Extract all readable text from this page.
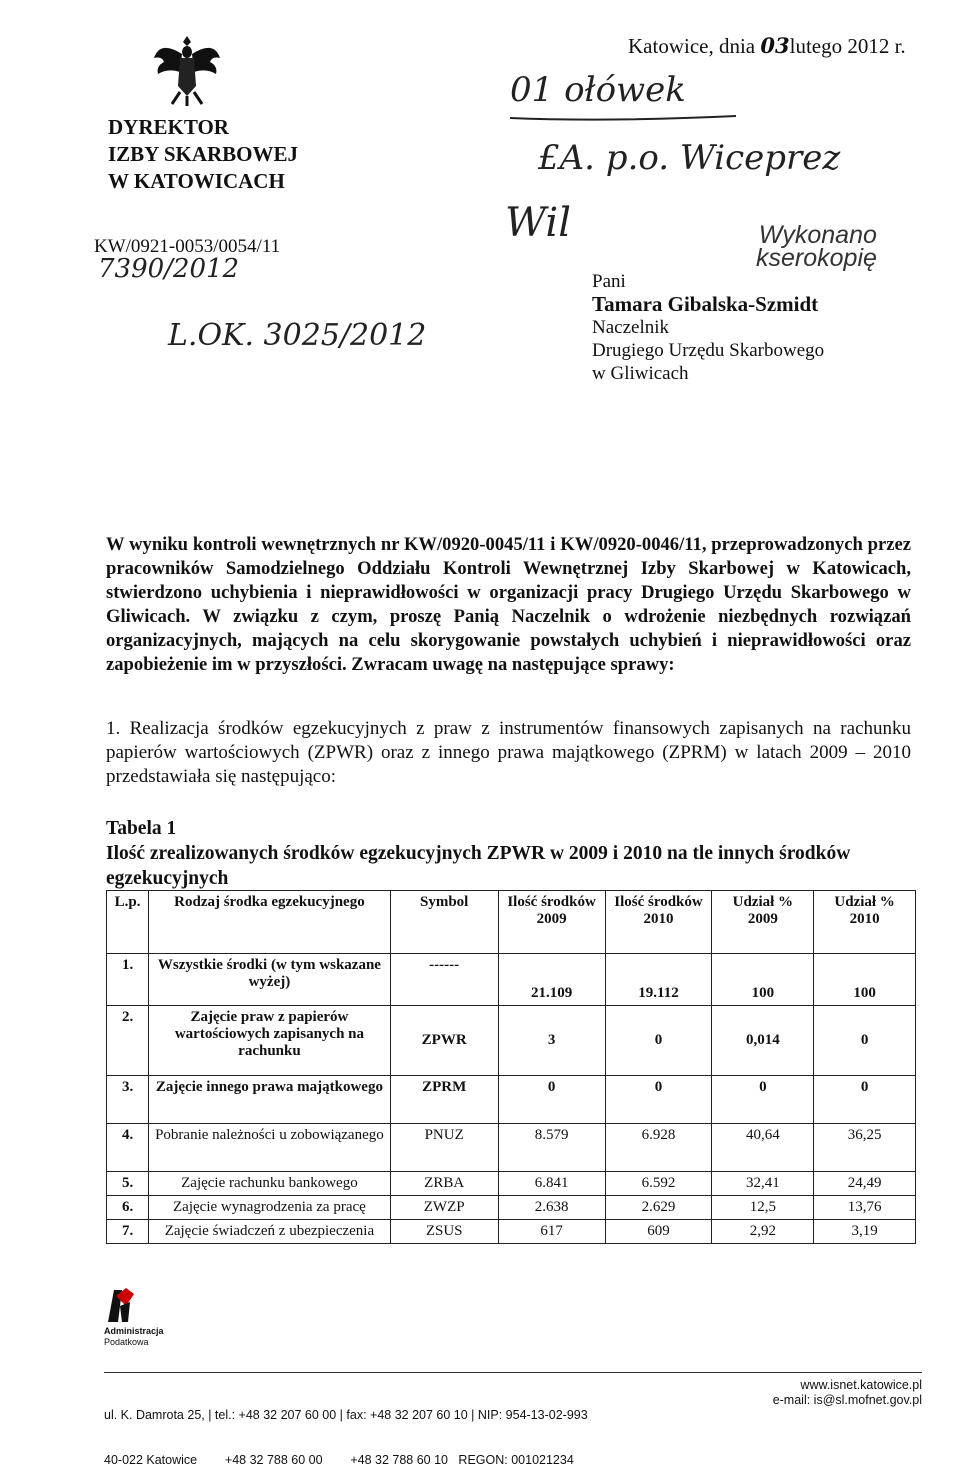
Katowice, dnia 03lutego 2012 r.
DYREKTOR
IZBY SKARBOWEJ
W KATOWICACH
KW/0921-0053/0054/11
01 ołówek
£A. p.o. Wiceprez
Wil
7390/2012
L.OK. 3025/2012
Wykonano
kserokopię
Pani
Tamara Gibalska-Szmidt
Naczelnik
Drugiego Urzędu Skarbowego
w Gliwicach
W wyniku kontroli wewnętrznych nr KW/0920-0045/11 i KW/0920-0046/11, przeprowadzonych przez pracowników Samodzielnego Oddziału Kontroli Wewnętrznej Izby Skarbowej w Katowicach, stwierdzono uchybienia i nieprawidłowości w organizacji pracy Drugiego Urzędu Skarbowego w Gliwicach. W związku z czym, proszę Panią Naczelnik o wdrożenie niezbędnych rozwiązań organizacyjnych, mających na celu skorygowanie powstałych uchybień i nieprawidłowości oraz zapobieżenie im w przyszłości. Zwracam uwagę na następujące sprawy:
1. Realizacja środków egzekucyjnych z praw z instrumentów finansowych zapisanych na rachunku papierów wartościowych (ZPWR) oraz z innego prawa majątkowego (ZPRM) w latach 2009 – 2010 przedstawiała się następująco:
Tabela 1
Ilość zrealizowanych środków egzekucyjnych ZPWR w 2009 i 2010 na tle innych środków egzekucyjnych
L.p.	Rodzaj środka egzekucyjnego	Symbol	Ilość środków 2009	Ilość środków 2010	Udział % 2009	Udział % 2010
1.	Wszystkie środki (w tym wskazane wyżej)	------	21.109	19.112	100	100
2.	Zajęcie praw z papierów wartościowych zapisanych na rachunku	ZPWR	3	0	0,014	0
3.	Zajęcie innego prawa majątkowego	ZPRM	0	0	0	0
4.	Pobranie należności u zobowiązanego	PNUZ	8.579	6.928	40,64	36,25
5.	Zajęcie rachunku bankowego	ZRBA	6.841	6.592	32,41	24,49
6.	Zajęcie wynagrodzenia za pracę	ZWZP	2.638	2.629	12,5	13,76
7.	Zajęcie świadczeń z ubezpieczenia	ZSUS	617	609	2,92	3,19
Administracja
Podatkowa

ul. K. Damrota 25, | tel.: +48 32 207 60 00 | fax: +48 32 207 60 10 | NIP: 954-13-02-993

40-022 Katowice        +48 32 788 60 00        +48 32 788 60 10   REGON: 001021234

www.isnet.katowice.pl
e-mail: is@sl.mofnet.gov.pl
